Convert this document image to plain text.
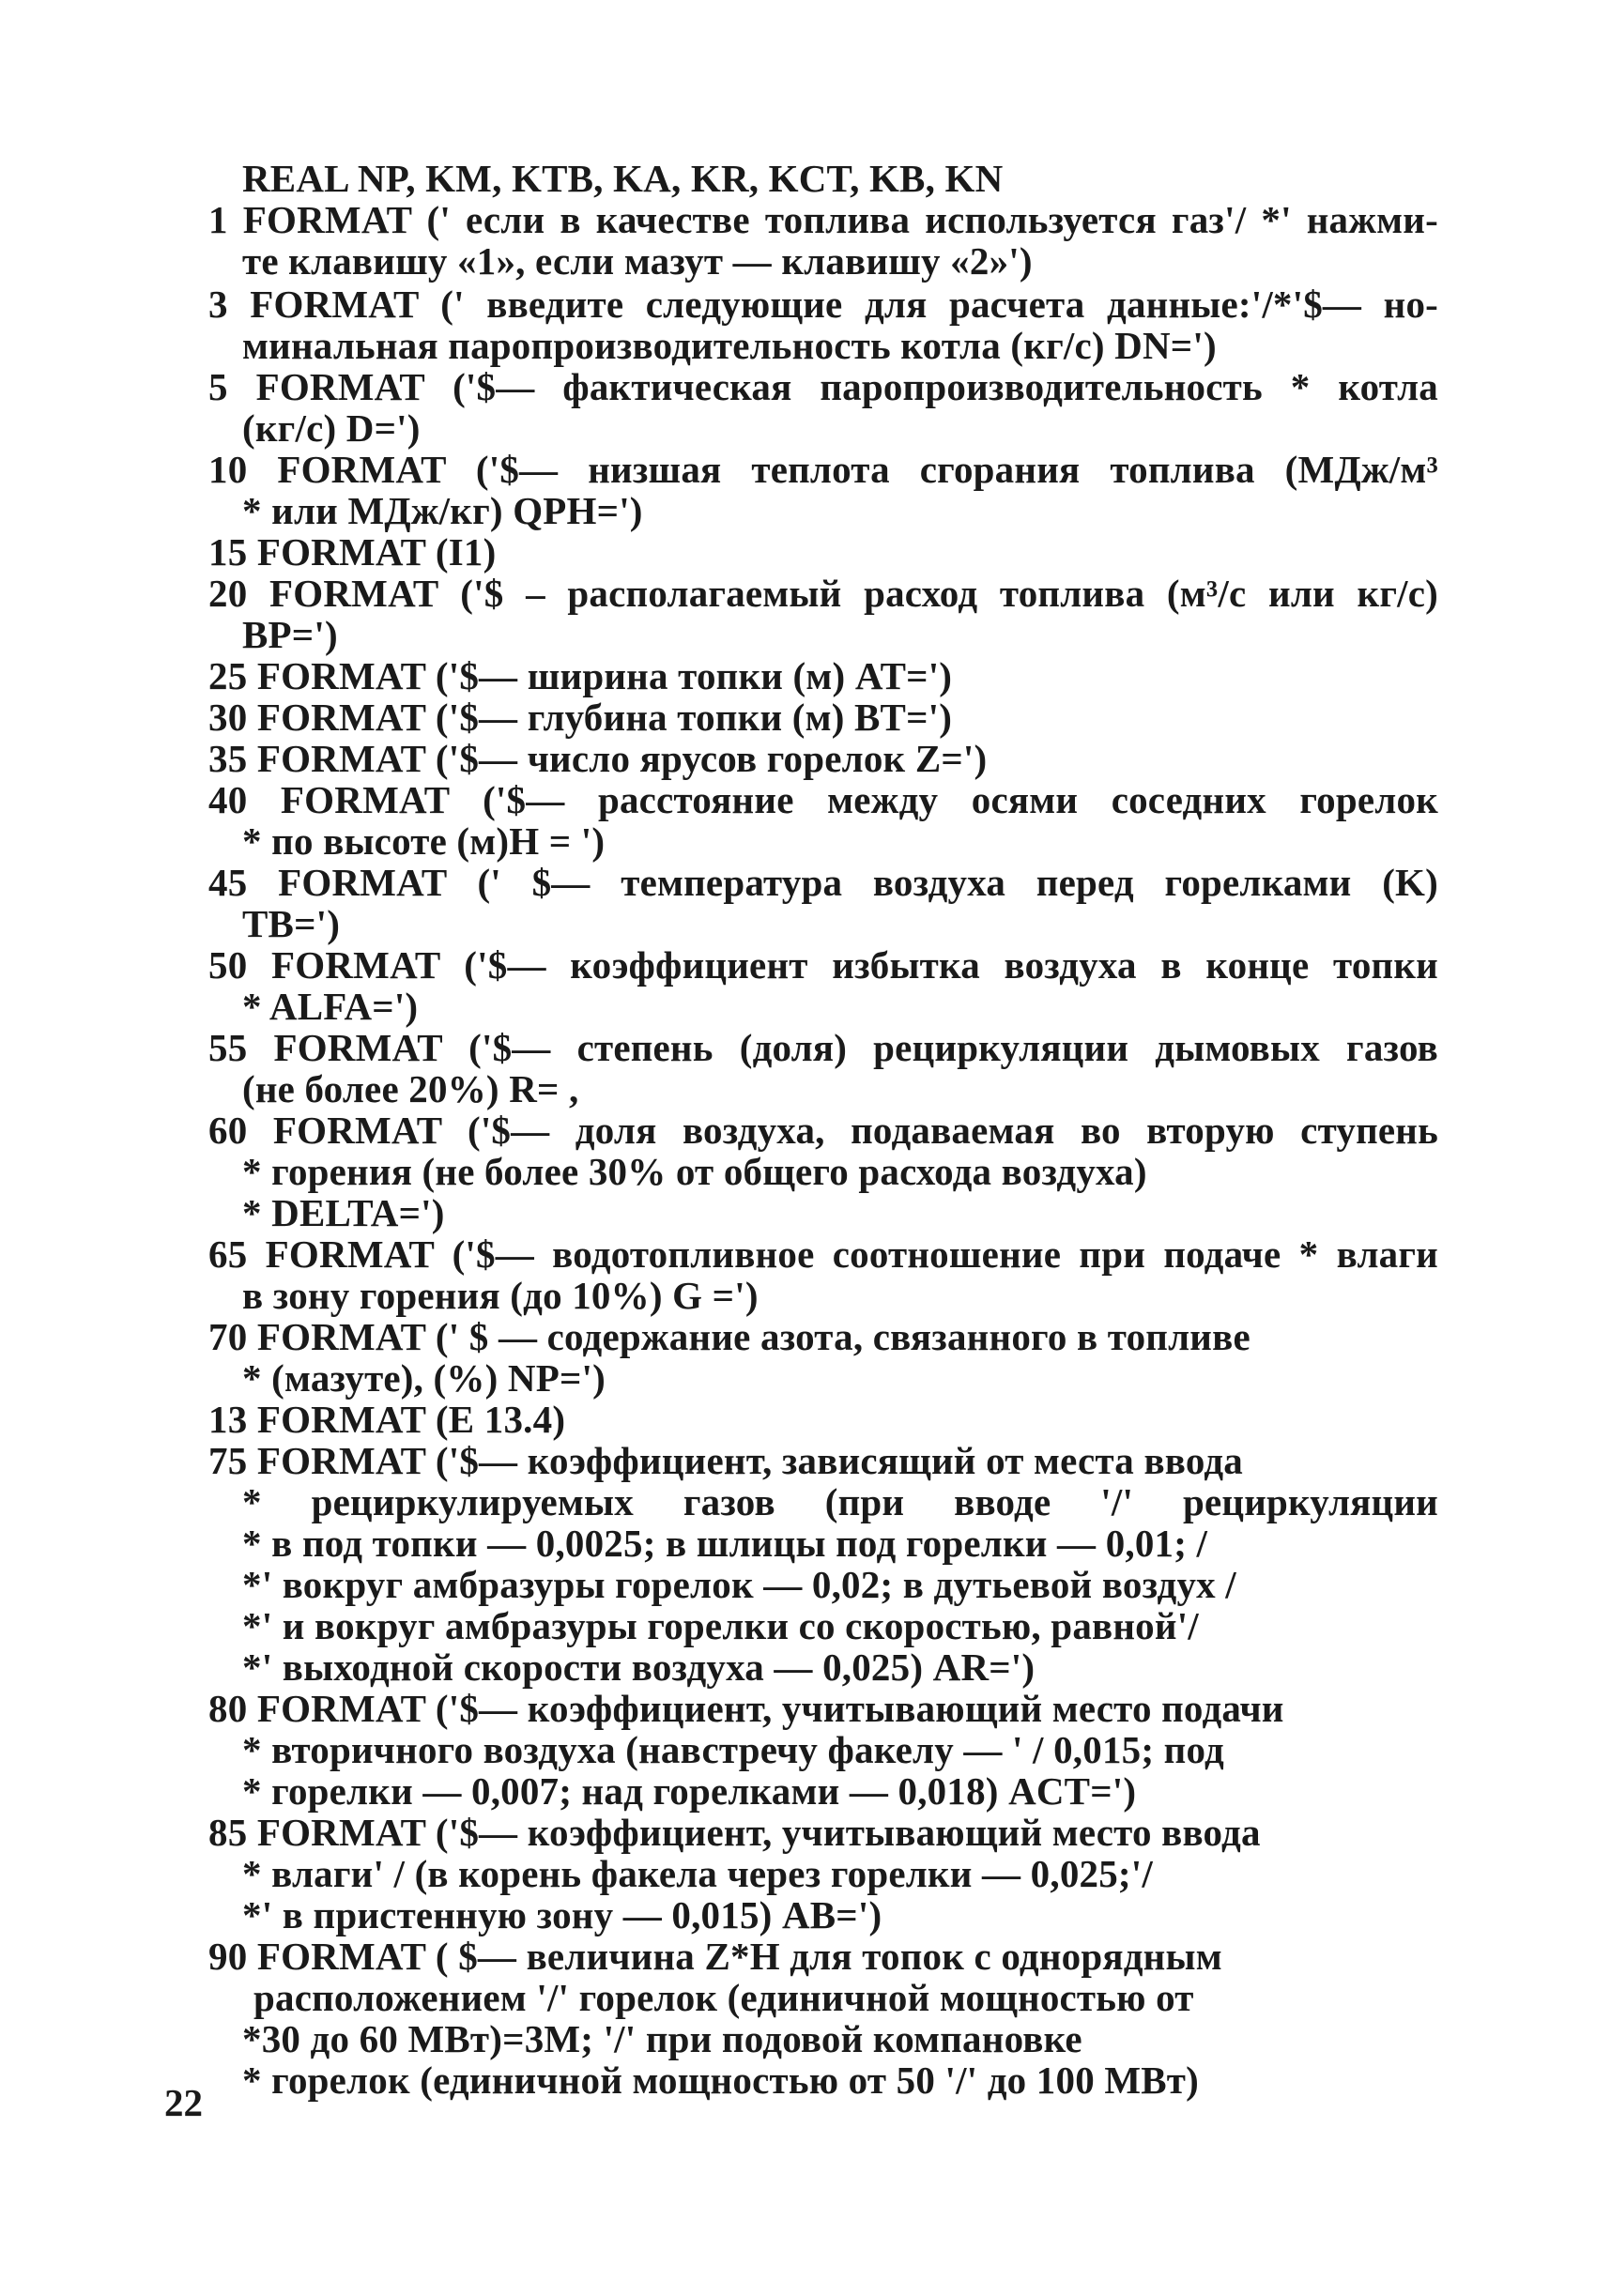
REAL NP, KM, KTB, KA, KR, KCT, KB, KN
1 FORMAT (' если в качестве топлива используется газ'/ *' нажми-
те клавишу «1», если мазут — клавишу «2»')
3 FORMAT (' введите следующие для расчета данные:'/*'$— но-
минальная паропроизводительность котла (кг/с) DN=')
5 FORMAT ('$— фактическая паропроизводительность * котла
(кг/с) D=')
10 FORMAT ('$— низшая теплота сгорания топлива (МДж/м³
* или МДж/кг) QPH=')
15 FORMAT (I1)
20 FORMAT ('$ – располагаемый расход топлива (м³/с или кг/с)
BP=')
25 FORMAT ('$— ширина топки (м) AT=')
30 FORMAT ('$— глубина топки (м) BT=')
35 FORMAT ('$— число ярусов горелок Z=')
40 FORMAT ('$— расстояние между осями соседних горелок
* по высоте (м)H = ')
45 FORMAT (' $— температура воздуха перед горелками (K)
TB=')
50 FORMAT ('$— коэффициент избытка воздуха в конце топки
* ALFA=')
55 FORMAT ('$— степень (доля) рециркуляции дымовых газов
(не более 20%) R= ,
60 FORMAT ('$— доля воздуха, подаваемая во вторую ступень
* горения (не более 30% от общего расхода воздуха)
* DELTA=')
65 FORMAT ('$— водотопливное соотношение при подаче * влаги
в зону горения (до 10%) G =')
70 FORMAT (' $ — содержание азота, связанного в топливе
* (мазуте), (%) NP=')
13 FORMAT (E 13.4)
75 FORMAT ('$— коэффициент, зависящий от места ввода
* рециркулируемых газов (при вводе '/' рециркуляции
* в под топки — 0,0025; в шлицы под горелки — 0,01; /
*' вокруг амбразуры горелок — 0,02; в дутьевой воздух /
*' и вокруг амбразуры горелки со скоростью, равной'/
*' выходной скорости воздуха — 0,025) AR=')
80 FORMAT ('$— коэффициент, учитывающий место подачи
* вторичного воздуха (навстречу факелу — ' / 0,015; под
* горелки — 0,007; над горелками — 0,018) ACT=')
85 FORMAT ('$— коэффициент, учитывающий место ввода
* влаги' / (в корень факела через горелки — 0,025;'/
*' в пристенную зону — 0,015) AB=')
90 FORMAT ( $— величина Z*H для топок с однорядным
расположением '/' горелок (единичной мощностью от
*30 до 60 МВт)=3М; '/' при подовой компановке
* горелок (единичной мощностью от 50 '/' до 100 МВт)
22
